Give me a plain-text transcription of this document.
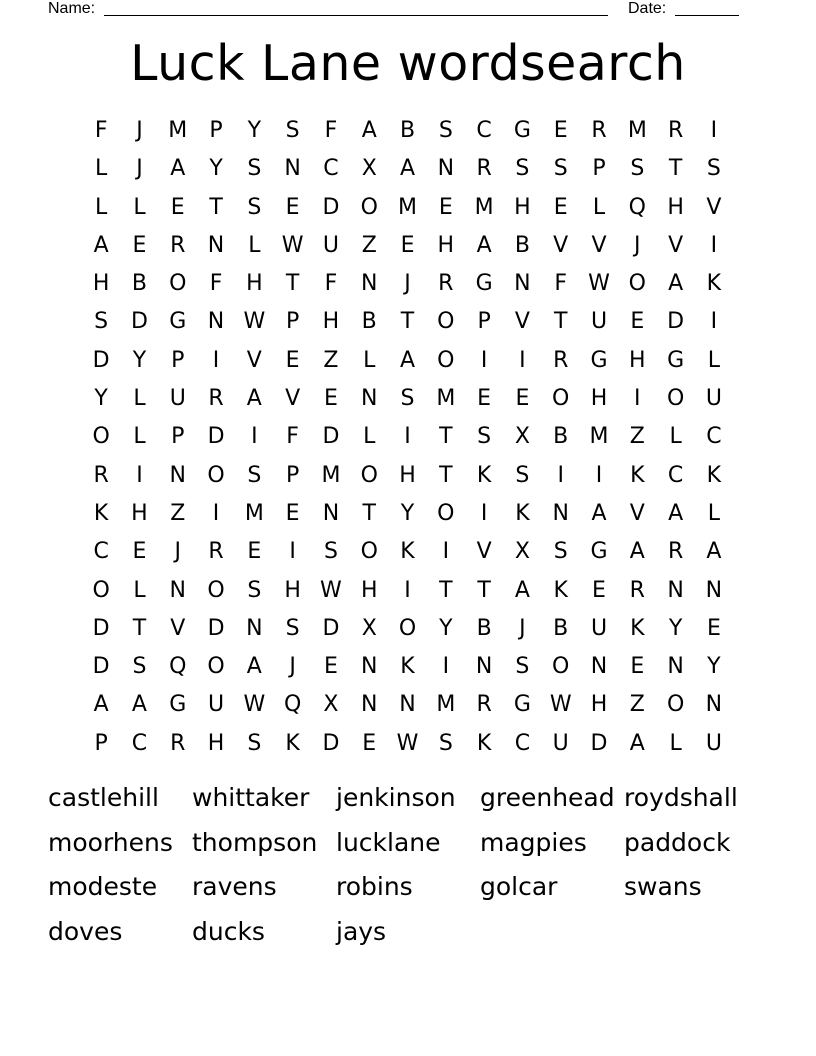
Name:	Date:
Luck Lane wordsearch
F	J	M	P	Y	S	F	A	B	S	C	G	E	R M R	I
L	J	A	Y	S	N	C	X	A	N	R	S	S	P	S	T	S
L	L	E	T	S	E	D O M E M H	E	L	Q H	V
A	E	R	N	L W U	Z	E	H	A	B	V	V	J	V	I
H	B	O	F	H	T	F	N	J	R	G N	F W O	A	K
S	D G N W P	H	B	T	O	P	V	T	U	E	D	I
D	Y	P	I	V	E	Z	L	A	O	I	I	R	G H G	L
Y	L	U	R	A	V	E	N	S M E	E	O H	I	O U
O	L	P	D	I	F	D	L	I	T	S	X	B M Z	L	C
R	I	N O	S	P	M O H	T	K	S	I	I	K	C	K
K	H	Z	I	M E	N	T	Y	O	I	K	N	A	V	A	L
C	E	J	R	E	I	S	O	K	I	V	X	S	G	A	R	A
O	L	N O	S	H W H	I	T	T	A	K	E	R	N N
D	T	V	D N	S	D	X	O	Y	B	J	B	U	K	Y	E
D	S	Q O	A	J	E	N	K	I	N	S	O N	E	N	Y
A	A	G U W Q	X	N N M R	G W H	Z	O N
P	C	R	H	S	K	D	E W S	K	C	U D	A	L	U
castlehill	whittaker	jenkinson greenhead roydshall
moorhens thompson lucklane	magpies	paddock
modeste	ravens	robins	golcar	swans
doves	ducks	jays
